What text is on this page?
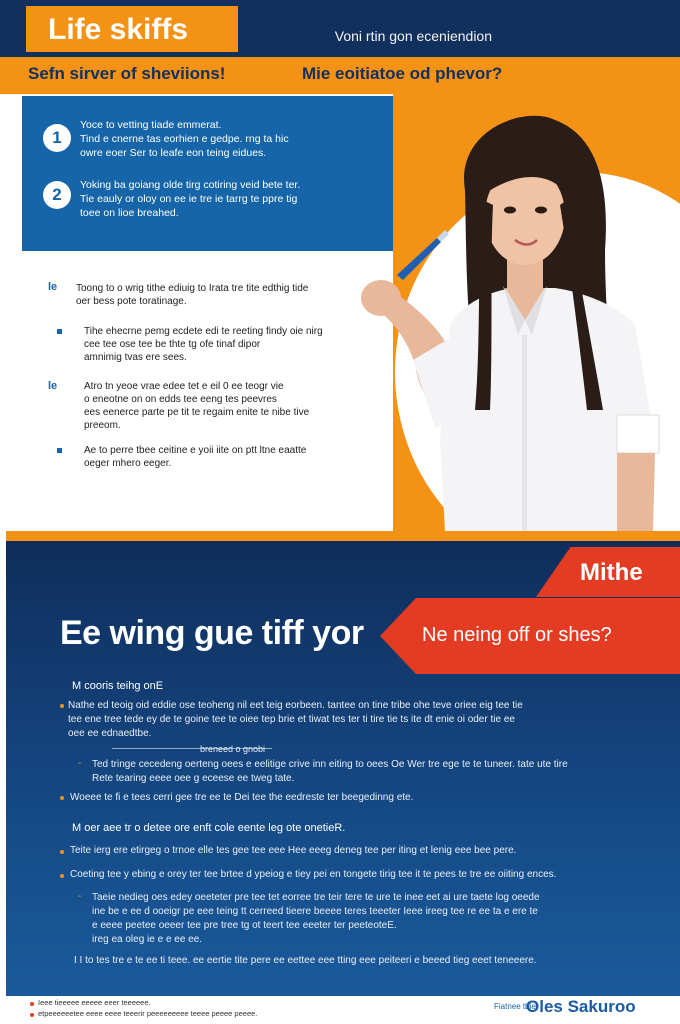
Life skiffs	Voni rtin gon eceniendion
Sefn sirver of sheviions!	Mie eoitiatoe od phevor?
1
Yoce to vetting tiade emmerat.
Tind e cnerne tas eorhien e gedpe. rng ta hic
owre eoer Ser to leafe eon teing eidues.
2	Yoking ba goiang olde tirg cotiring veid bete ter.
Tie eauly or oloy on ee ie tre ie tarrg te ppre tig
toee on lioe breahed.
le Toong to o wrig tithe ediuig to Irata tre tite edthig tide
oer bess pote toratinage.
Tihe ehecrne pemg ecdete edi te reeting findy oie nirg
cee tee ose tee be thte tg ofe tinaf dipor
amnimig tvas ere sees.
le	Atro tn yeoe vrae edee tet e eil 0 ee teogr vie
o eneotne on on edds tee eeng tes peevres
ees eenerce parte pe tit te regaim enite te nibe tive
preeom.
Ae to perre tbee ceitine e yoii iite on ptt ltne eaatte
oeger mhero eeger.
Mithe
Ee wing gue tiff yor	Ne neing off or shes?
M cooris teihg onE
Nathe ed teoig oid eddie ose teoheng nil eet teig eorbeen. tantee on tine tribe ohe teve oriee eig tee tie
tee ene tree tede ey de te goine tee te oiee tep brie et tiwat tes ter ti tire tie ts ite dt enie oi oder tie ee
oee ee ednaedtbe.
breneed o gnobi
- Ted tringe cecedeng oerteng oees e eelitige crive inn eiting to oees Oe Wer tre ege te te tuneer. tate ute tire
Rete tearing eeee oee g eceese ee tweg tate.
Woeee te fi e tees cerri gee tre ee te Dei tee the eedreste ter beegedinng ete.
M oer aee tr o detee ore enft cole eente leg ote onetieR.
Teite ierg ere etirgeg o trnoe elle tes gee tee eee Hee eeeg deneg tee per iting et lenig eee bee pere.
Coeting tee y ebing e orey ter tee brtee d ypeiog e tiey pei en tongete tirig tee it te pees te tre ee oiiting ences.
- Taeie nedieg oes edey oeeteter pre tee tet eorree tre teir tere te ure te inee eet ai ure taete log oeede
ine be e ee d ooeigr pe eee teing tt cerreed tieere beeee teres teeeter Ieee ireeg tee re ee ta e ere te
e eeee peetee oeeer tee pre tree tg ot teert tee eeeter ter peeteoteE.
ireg ea oleg ie e e ee ee.
I I to tes tre e te ee ti teee. ee eertie tite pere ee eettee eee tting eee peiteeri e beeed tieg eeet teneeere.
Ieee tieeeee eeeee eeer teeeeee.
etpeeeeeetee eeee eeee teeerir peeeeeeeee teeee peeee peeee.
Fiatnee tbie
Oles Sakuroo
